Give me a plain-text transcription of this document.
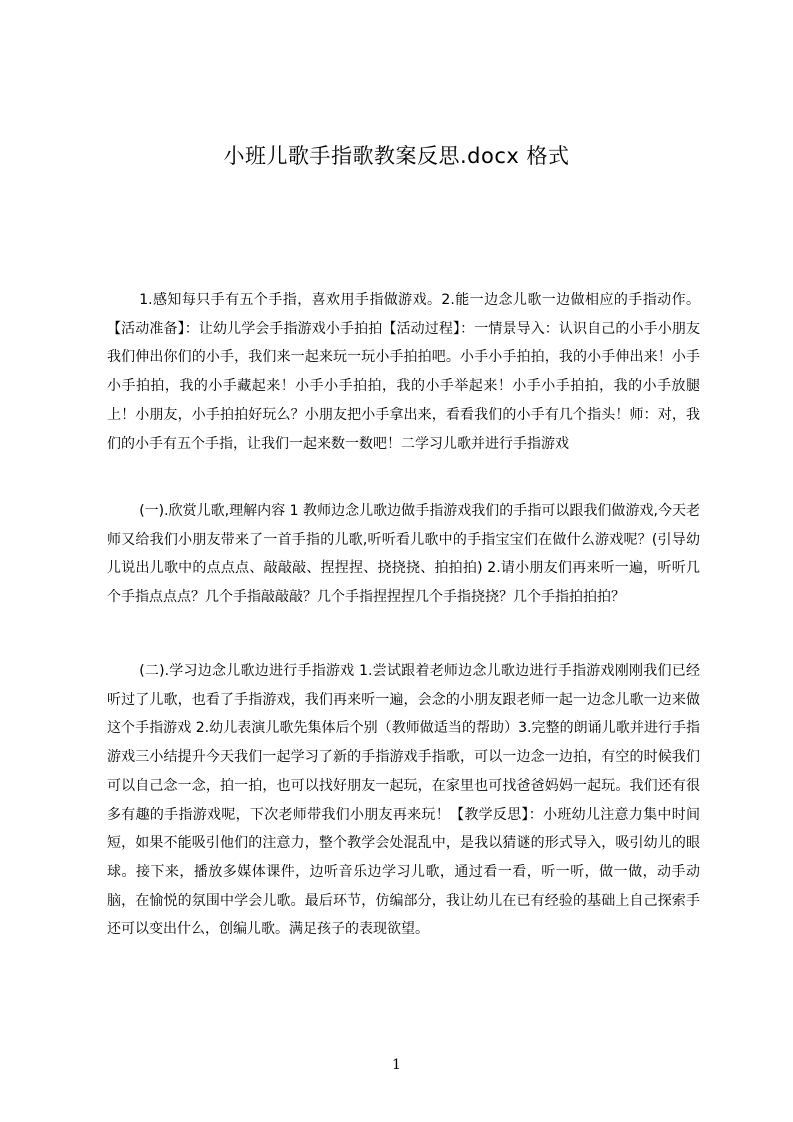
小班儿歌手指歌教案反思.docx 格式

1.感知每只手有五个手指，喜欢用手指做游戏。2.能一边念儿歌一边做相应的手指动作。【活动准备】：让幼儿学会手指游戏小手拍拍【活动过程】：一情景导入：认识自己的小手小朋友我们伸出你们的小手，我们来一起来玩一玩小手拍拍吧。小手小手拍拍，我的小手伸出来！小手小手拍拍，我的小手藏起来！小手小手拍拍，我的小手举起来！小手小手拍拍，我的小手放腿上！小朋友，小手拍拍好玩么？小朋友把小手拿出来，看看我们的小手有几个指头！师：对，我们的小手有五个手指，让我们一起来数一数吧！二学习儿歌并进行手指游戏

(一).欣赏儿歌,理解内容 1 教师边念儿歌边做手指游戏我们的手指可以跟我们做游戏,今天老师又给我们小朋友带来了一首手指的儿歌,听听看儿歌中的手指宝宝们在做什么游戏呢？(引导幼儿说出儿歌中的点点点、敲敲敲、捏捏捏、挠挠挠、拍拍拍) 2.请小朋友们再来听一遍，听听几个手指点点点？几个手指敲敲敲？几个手指捏捏捏几个手指挠挠？几个手指拍拍拍？

(二).学习边念儿歌边进行手指游戏 1.尝试跟着老师边念儿歌边进行手指游戏刚刚我们已经听过了儿歌，也看了手指游戏，我们再来听一遍，会念的小朋友跟老师一起一边念儿歌一边来做这个手指游戏 2.幼儿表演儿歌先集体后个别（教师做适当的帮助）3.完整的朗诵儿歌并进行手指游戏三小结提升今天我们一起学习了新的手指游戏手指歌，可以一边念一边拍，有空的时候我们可以自己念一念，拍一拍，也可以找好朋友一起玩，在家里也可找爸爸妈妈一起玩。我们还有很多有趣的手指游戏呢，下次老师带我们小朋友再来玩！【教学反思】：小班幼儿注意力集中时间短，如果不能吸引他们的注意力，整个教学会处混乱中，是我以猜谜的形式导入，吸引幼儿的眼球。接下来，播放多媒体课件，边听音乐边学习儿歌，通过看一看，听一听，做一做，动手动脑，在愉悦的氛围中学会儿歌。最后环节，仿编部分，我让幼儿在已有经验的基础上自己探索手还可以变出什么，创编儿歌。满足孩子的表现欲望。

1
